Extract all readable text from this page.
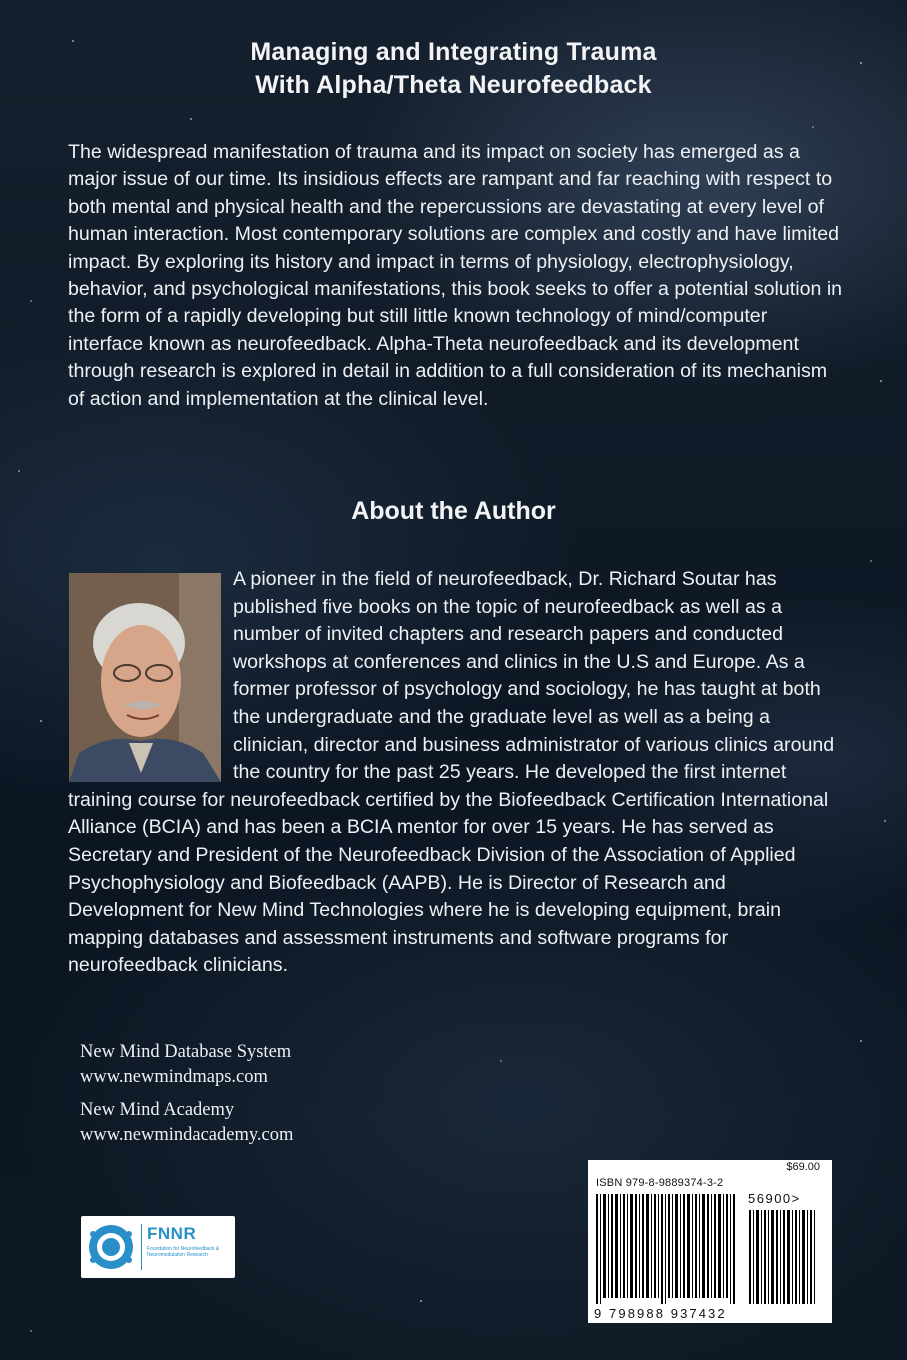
Managing and Integrating Trauma
With Alpha/Theta Neurofeedback

The widespread manifestation of trauma and its impact on society has emerged as a major issue of our time. Its insidious effects are rampant and far reaching with respect to both mental and physical health and the repercussions are devastating at every level of human interaction. Most contemporary solutions are complex and costly and have limited impact. By exploring its history and impact in terms of physiology, electrophysiology, behavior, and psychological manifestations, this book seeks to offer a potential solution in the form of a rapidly developing but still little known technology of mind/computer interface known as neurofeedback. Alpha-Theta neurofeedback and its development through research is explored in detail in addition to a full consideration of its mechanism of action and implementation at the clinical level.

About the Author
A pioneer in the field of neurofeedback, Dr. Richard Soutar has published five books on the topic of neurofeedback as well as a number of invited chapters and research papers and conducted workshops at conferences and clinics in the U.S and Europe. As a former professor of psychology and sociology, he has taught at both the undergraduate and the graduate level as well as a being a clinician, director and business administrator of various clinics around the country for the past 25 years. He developed the first internet training course for neurofeedback certified by the Biofeedback Certification International Alliance (BCIA) and has been a BCIA mentor for over 15 years. He has served as Secretary and President of the Neurofeedback Division of the Association of Applied Psychophysiology and Biofeedback (AAPB). He is Director of Research and Development for New Mind Technologies where he is developing equipment, brain mapping databases and assessment instruments and software programs for neurofeedback clinicians.
New Mind Database System
www.newmindmaps.com
New Mind Academy
www.newmindacademy.com
FNNR
Foundation for Neurofeedback & Neuromodulation Research
$69.00
ISBN 979-8-9889374-3-2
56900>
9 798988 937432
